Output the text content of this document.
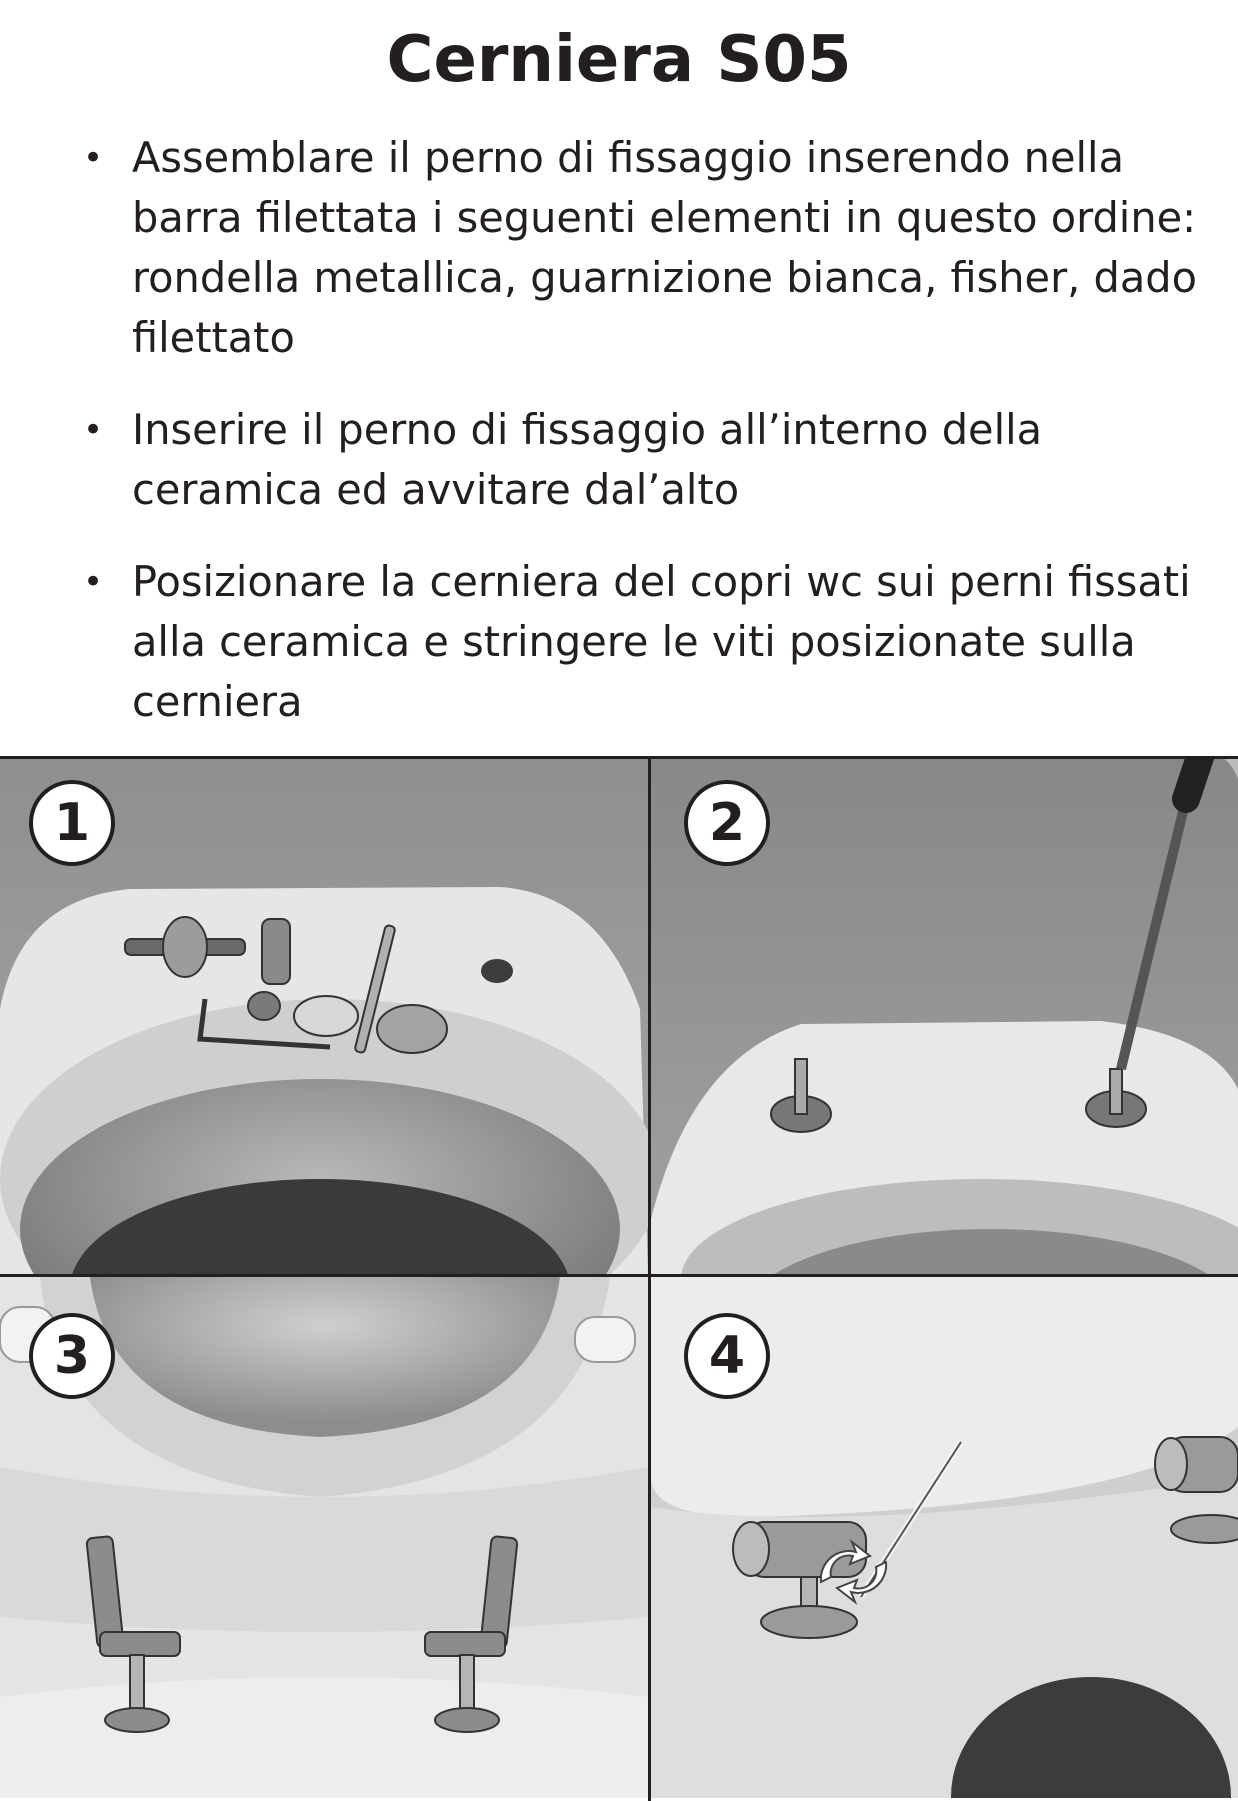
Cerniera S05
• Assemblare il perno di fissaggio inserendo nella barra filettata i seguenti elementi in questo ordine: rondella metallica, guarnizione bianca, fisher, dado filettato
• Inserire il perno di fissaggio all’interno della ceramica ed avvitare dal’alto
• Posizionare la cerniera del copri wc sui perni fissati alla ceramica e stringere le viti posizionate sulla cerniera
1	2
3	4
